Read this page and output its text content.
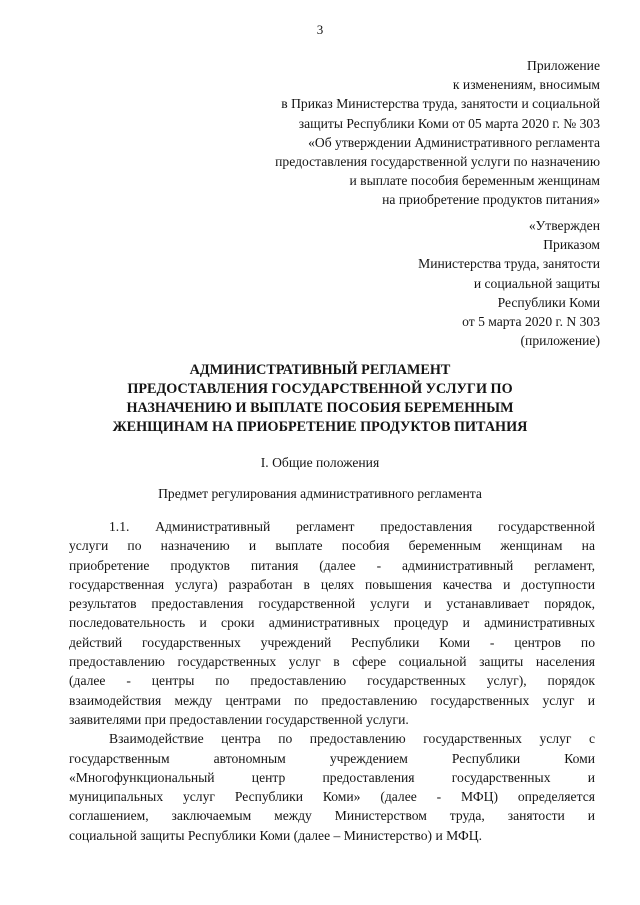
3
Приложение
к изменениям, вносимым
в Приказ Министерства труда, занятости и социальной
защиты Республики Коми от 05 марта 2020 г. № 303
«Об утверждении Административного регламента
предоставления государственной услуги по назначению
и выплате пособия беременным женщинам
на приобретение продуктов питания»
«Утвержден
Приказом
Министерства труда, занятости
и социальной защиты
Республики Коми
от 5 марта 2020 г. N 303
(приложение)
АДМИНИСТРАТИВНЫЙ РЕГЛАМЕНТ
ПРЕДОСТАВЛЕНИЯ ГОСУДАРСТВЕННОЙ УСЛУГИ ПО
НАЗНАЧЕНИЮ И ВЫПЛАТЕ ПОСОБИЯ БЕРЕМЕННЫМ
ЖЕНЩИНАМ НА ПРИОБРЕТЕНИЕ ПРОДУКТОВ ПИТАНИЯ
I. Общие положения
Предмет регулирования административного регламента
1.1. Административный регламент предоставления государственной
услуги по назначению и выплате пособия беременным женщинам на
приобретение продуктов питания (далее - административный регламент,
государственная услуга) разработан в целях повышения качества и доступности
результатов предоставления государственной услуги и устанавливает порядок,
последовательность и сроки административных процедур и административных
действий государственных учреждений Республики Коми - центров по
предоставлению государственных услуг в сфере социальной защиты населения
(далее - центры по предоставлению государственных услуг), порядок
взаимодействия между центрами по предоставлению государственных услуг и
заявителями при предоставлении государственной услуги.
Взаимодействие центра по предоставлению государственных услуг с
государственным автономным учреждением Республики Коми
«Многофункциональный центр предоставления государственных и
муниципальных услуг Республики Коми» (далее - МФЦ) определяется
соглашением, заключаемым между Министерством труда, занятости и
социальной защиты Республики Коми (далее – Министерство) и МФЦ.
